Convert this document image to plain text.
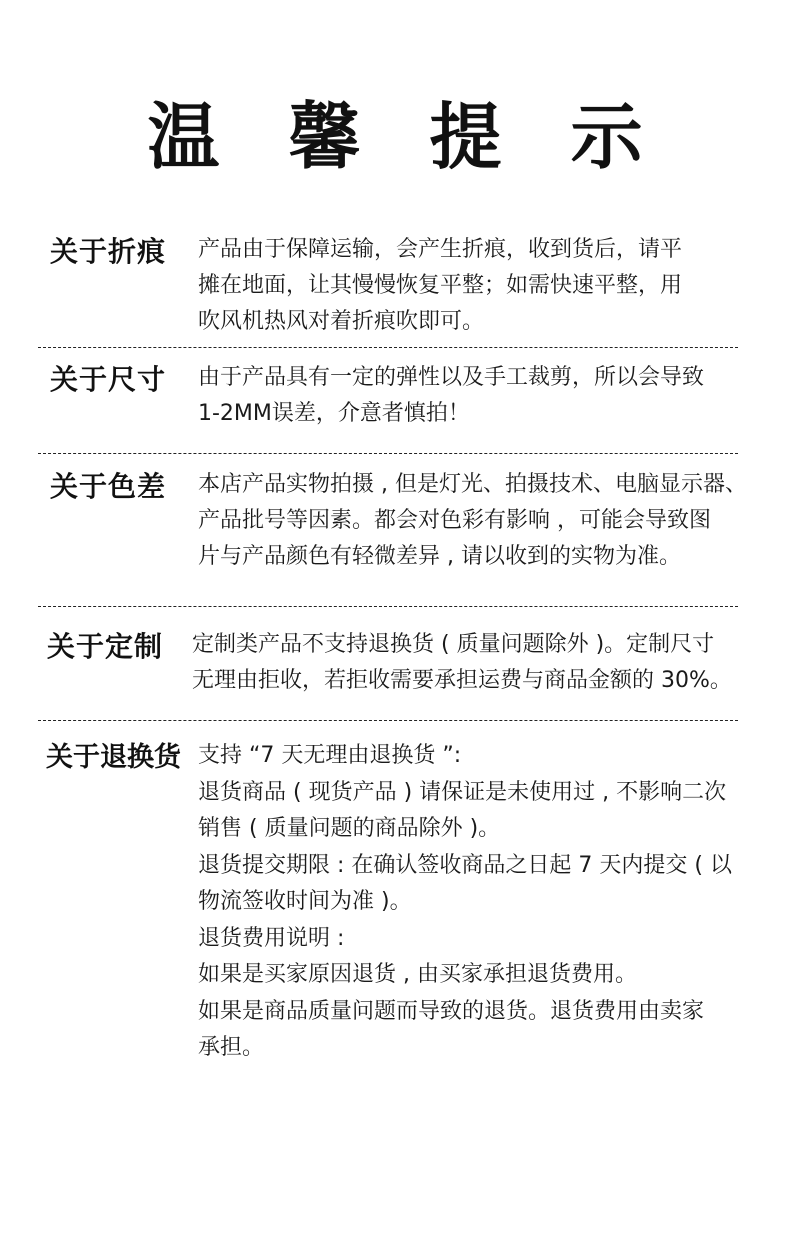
温 馨 提 示
关于折痕 产品由于保障运输，会产生折痕，收到货后，请平
摊在地面，让其慢慢恢复平整；如需快速平整，用
吹风机热风对着折痕吹即可。
关于尺寸 由于产品具有一定的弹性以及手工裁剪，所以会导致
1-2MM误差，介意者慎拍！
关于色差 本店产品实物拍摄 , 但是灯光、拍摄技术、电脑显示器、
产品批号等因素。都会对色彩有影响 ，可能会导致图
片与产品颜色有轻微差异 , 请以收到的实物为准。
关于定制 定制类产品不支持退换货 ( 质量问题除外 )。定制尺寸
无理由拒收，若拒收需要承担运费与商品金额的 30%。
关于退换货 支持 “7 天无理由退换货 ”:
退货商品 ( 现货产品 ) 请保证是未使用过 , 不影响二次
销售 ( 质量问题的商品除外 )。
退货提交期限 : 在确认签收商品之日起 7 天内提交 ( 以
物流签收时间为准 )。
退货费用说明 :
如果是买家原因退货 , 由买家承担退货费用。
如果是商品质量问题而导致的退货。退货费用由卖家
承担。
